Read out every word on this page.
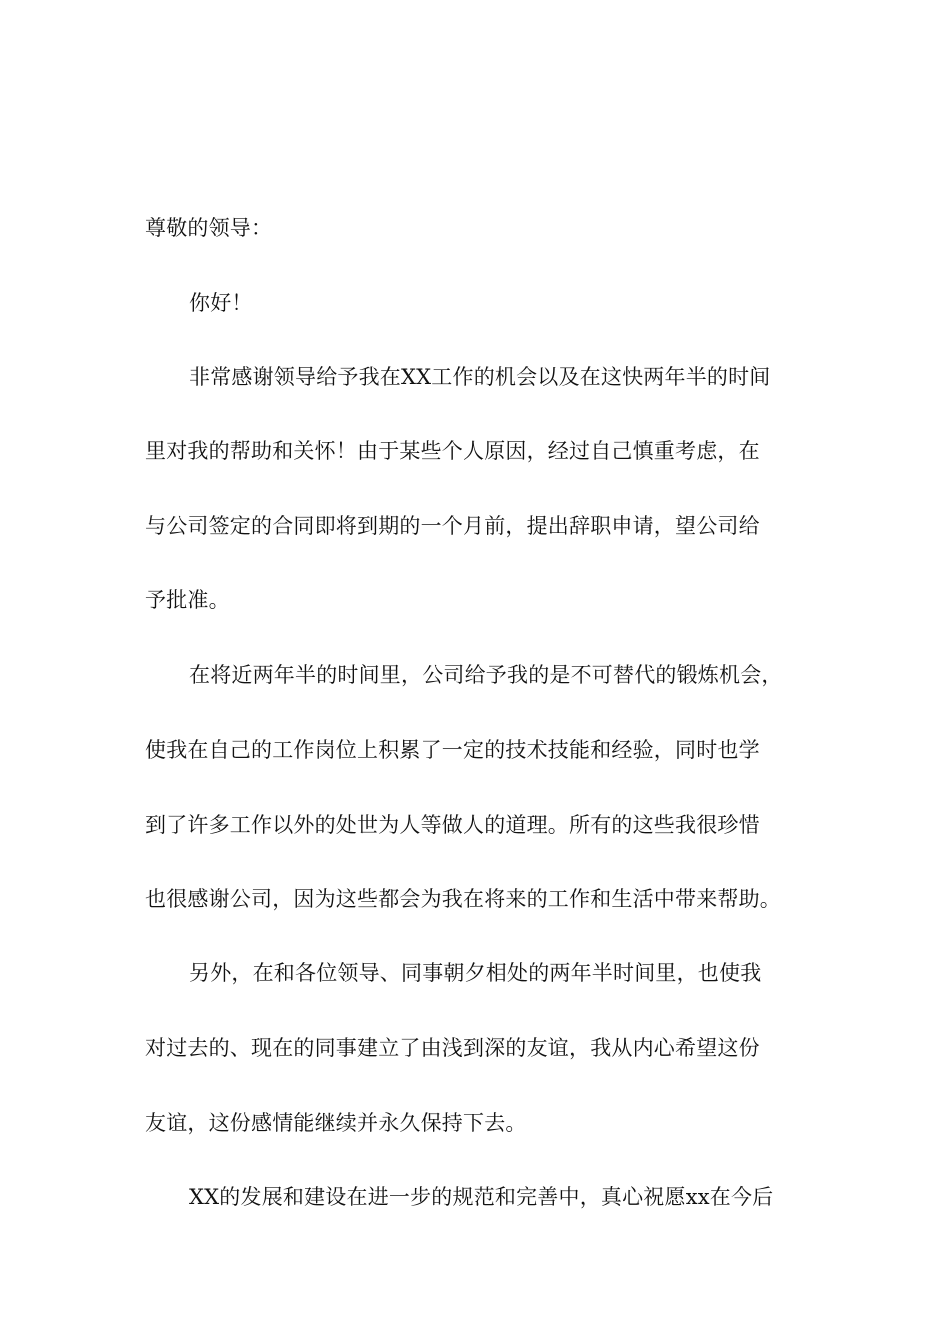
尊敬的领导：
你好！
非常感谢领导给予我在XX工作的机会以及在这快两年半的时间
里对我的帮助和关怀！由于某些个人原因，经过自己慎重考虑，在
与公司签定的合同即将到期的一个月前，提出辞职申请，望公司给
予批准。
在将近两年半的时间里，公司给予我的是不可替代的锻炼机会，
使我在自己的工作岗位上积累了一定的技术技能和经验，同时也学
到了许多工作以外的处世为人等做人的道理。所有的这些我很珍惜
也很感谢公司，因为这些都会为我在将来的工作和生活中带来帮助。
另外，在和各位领导、同事朝夕相处的两年半时间里，也使我
对过去的、现在的同事建立了由浅到深的友谊，我从内心希望这份
友谊，这份感情能继续并永久保持下去。
XX的发展和建设在进一步的规范和完善中，真心祝愿xx在今后
